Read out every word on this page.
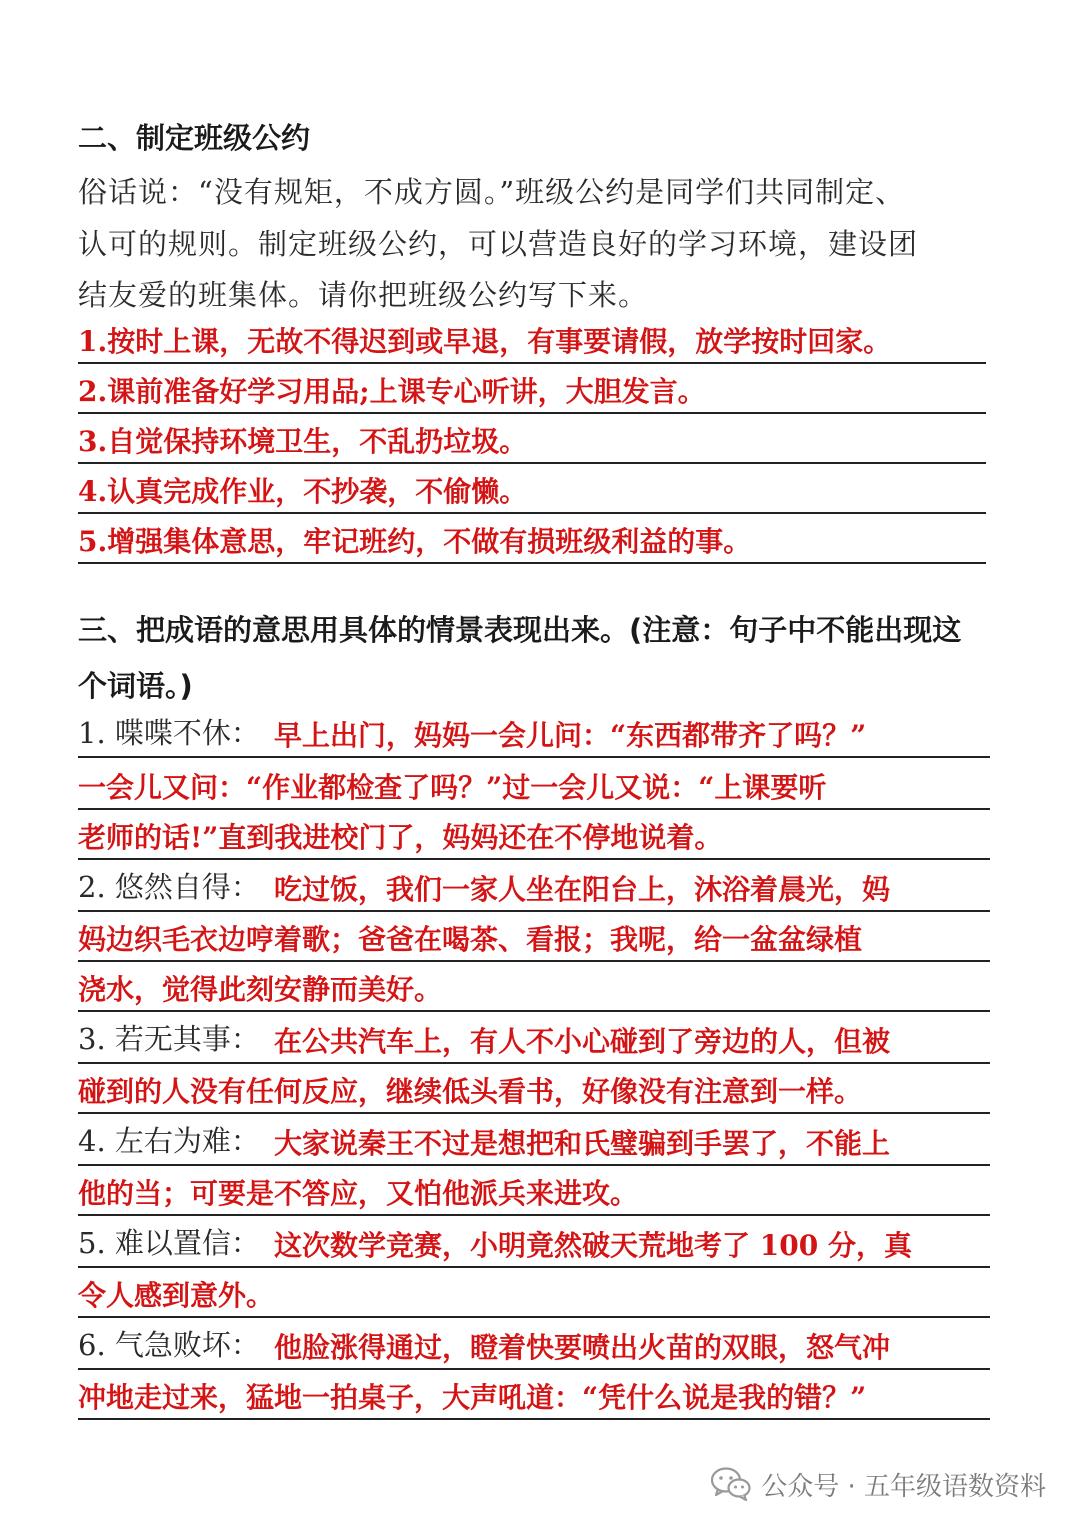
二、制定班级公约
俗话说：“没有规矩，不成方圆。”班级公约是同学们共同制定、
认可的规则。制定班级公约，可以营造良好的学习环境，建设团
结友爱的班集体。请你把班级公约写下来。
1.按时上课，无故不得迟到或早退，有事要请假，放学按时回家。
2.课前准备好学习用品;上课专心听讲，大胆发言。
3.自觉保持环境卫生，不乱扔垃圾。
4.认真完成作业，不抄袭，不偷懒。
5.增强集体意思，牢记班约，不做有损班级利益的事。
三、把成语的意思用具体的情景表现出来。(注意：句子中不能出现这
个词语。)
1. 喋喋不休： 早上出门，妈妈一会儿问：“东西都带齐了吗？”
一会儿又问：“作业都检查了吗？”过一会儿又说：“上课要听
老师的话!”直到我进校门了，妈妈还在不停地说着。
2. 悠然自得： 吃过饭，我们一家人坐在阳台上，沐浴着晨光，妈
妈边织毛衣边哼着歌；爸爸在喝茶、看报；我呢，给一盆盆绿植
浇水，觉得此刻安静而美好。
3. 若无其事： 在公共汽车上，有人不小心碰到了旁边的人，但被
碰到的人没有任何反应，继续低头看书，好像没有注意到一样。
4. 左右为难： 大家说秦王不过是想把和氏璧骗到手罢了，不能上
他的当；可要是不答应，又怕他派兵来进攻。
5. 难以置信： 这次数学竞赛，小明竟然破天荒地考了 100 分，真
令人感到意外。
6. 气急败坏： 他脸涨得通过，瞪着快要喷出火苗的双眼，怒气冲
冲地走过来，猛地一拍桌子，大声吼道：“凭什么说是我的错？”
公众号 · 五年级语数资料
